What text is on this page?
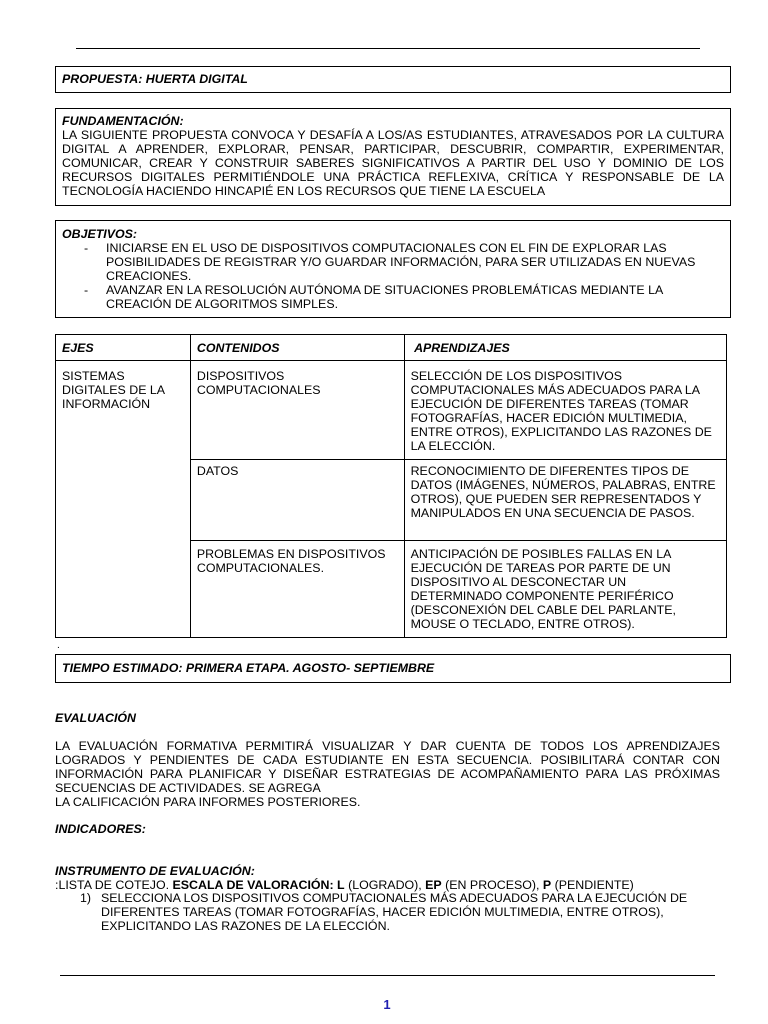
PROPUESTA: HUERTA DIGITAL
FUNDAMENTACIÓN:
LA SIGUIENTE PROPUESTA CONVOCA Y DESAFÍA A LOS/AS ESTUDIANTES, ATRAVESADOS POR LA CULTURA DIGITAL A APRENDER, EXPLORAR, PENSAR, PARTICIPAR, DESCUBRIR, COMPARTIR, EXPERIMENTAR, COMUNICAR, CREAR Y CONSTRUIR SABERES SIGNIFICATIVOS A PARTIR DEL USO Y DOMINIO DE LOS RECURSOS DIGITALES PERMITIÉNDOLE UNA PRÁCTICA REFLEXIVA, CRÍTICA Y RESPONSABLE DE LA TECNOLOGÍA HACIENDO HINCAPIÉ EN LOS RECURSOS QUE TIENE LA ESCUELA
OBJETIVOS:
- INICIARSE EN EL USO DE DISPOSITIVOS COMPUTACIONALES CON EL FIN DE EXPLORAR LAS POSIBILIDADES DE REGISTRAR Y/O GUARDAR INFORMACIÓN, PARA SER UTILIZADAS EN NUEVAS CREACIONES.
- AVANZAR EN LA RESOLUCIÓN AUTÓNOMA DE SITUACIONES PROBLEMÁTICAS MEDIANTE LA CREACIÓN DE ALGORITMOS SIMPLES.
EJES	CONTENIDOS	APRENDIZAJES
SISTEMAS DIGITALES DE LA INFORMACIÓN	DISPOSITIVOS COMPUTACIONALES	SELECCIÓN DE LOS DISPOSITIVOS COMPUTACIONALES MÁS ADECUADOS PARA LA EJECUCIÓN DE DIFERENTES TAREAS (TOMAR FOTOGRAFÍAS, HACER EDICIÓN MULTIMEDIA, ENTRE OTROS), EXPLICITANDO LAS RAZONES DE LA ELECCIÓN.
	DATOS	RECONOCIMIENTO DE DIFERENTES TIPOS DE DATOS (IMÁGENES, NÚMEROS, PALABRAS, ENTRE OTROS), QUE PUEDEN SER REPRESENTADOS Y MANIPULADOS EN UNA SECUENCIA DE PASOS.
	PROBLEMAS EN DISPOSITIVOS COMPUTACIONALES.	ANTICIPACIÓN DE POSIBLES FALLAS EN LA EJECUCIÓN DE TAREAS POR PARTE DE UN DISPOSITIVO AL DESCONECTAR UN DETERMINADO COMPONENTE PERIFÉRICO (DESCONEXIÓN DEL CABLE DEL PARLANTE, MOUSE O TECLADO, ENTRE OTROS).
.
TIEMPO ESTIMADO: PRIMERA ETAPA. AGOSTO- SEPTIEMBRE
EVALUACIÓN
LA EVALUACIÓN FORMATIVA PERMITIRÁ VISUALIZAR Y DAR CUENTA DE TODOS LOS APRENDIZAJES LOGRADOS Y PENDIENTES DE CADA ESTUDIANTE EN ESTA SECUENCIA. POSIBILITARÁ CONTAR CON INFORMACIÓN PARA PLANIFICAR Y DISEÑAR ESTRATEGIAS DE ACOMPAÑAMIENTO PARA LAS PRÓXIMAS SECUENCIAS DE ACTIVIDADES. SE AGREGA
LA CALIFICACIÓN PARA INFORMES POSTERIORES.
INDICADORES:
INSTRUMENTO DE EVALUACIÓN:
:LISTA DE COTEJO. ESCALA DE VALORACIÓN: L (LOGRADO), EP (EN PROCESO), P (PENDIENTE)
1) SELECCIONA LOS DISPOSITIVOS COMPUTACIONALES MÁS ADECUADOS PARA LA EJECUCIÓN DE DIFERENTES TAREAS (TOMAR FOTOGRAFÍAS, HACER EDICIÓN MULTIMEDIA, ENTRE OTROS), EXPLICITANDO LAS RAZONES DE LA ELECCIÓN.
1
